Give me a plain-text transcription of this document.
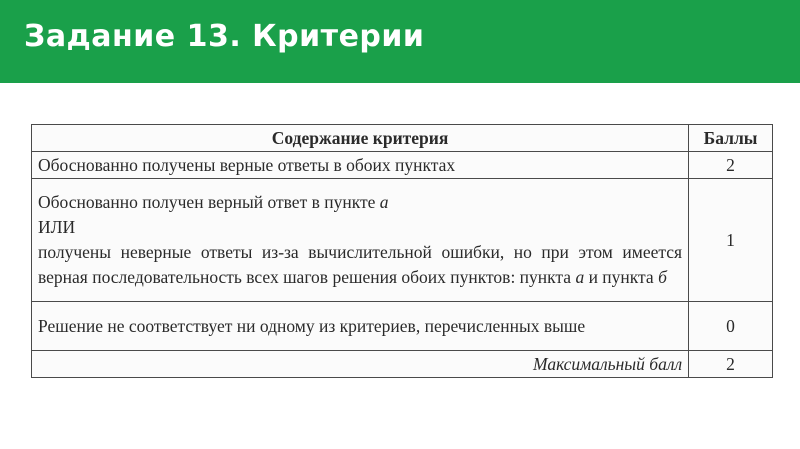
Задание 13. Критерии
Содержание критерия	Баллы
Обоснованно получены верные ответы в обоих пунктах	2
Обоснованно получен верный ответ в пункте а
ИЛИ
получены неверные ответы из-за вычислительной ошибки, но при этом имеется верная последовательность всех шагов решения обоих пунктов: пункта а и пункта б	1
Решение не соответствует ни одному из критериев, перечисленных выше	0
Максимальный балл	2
